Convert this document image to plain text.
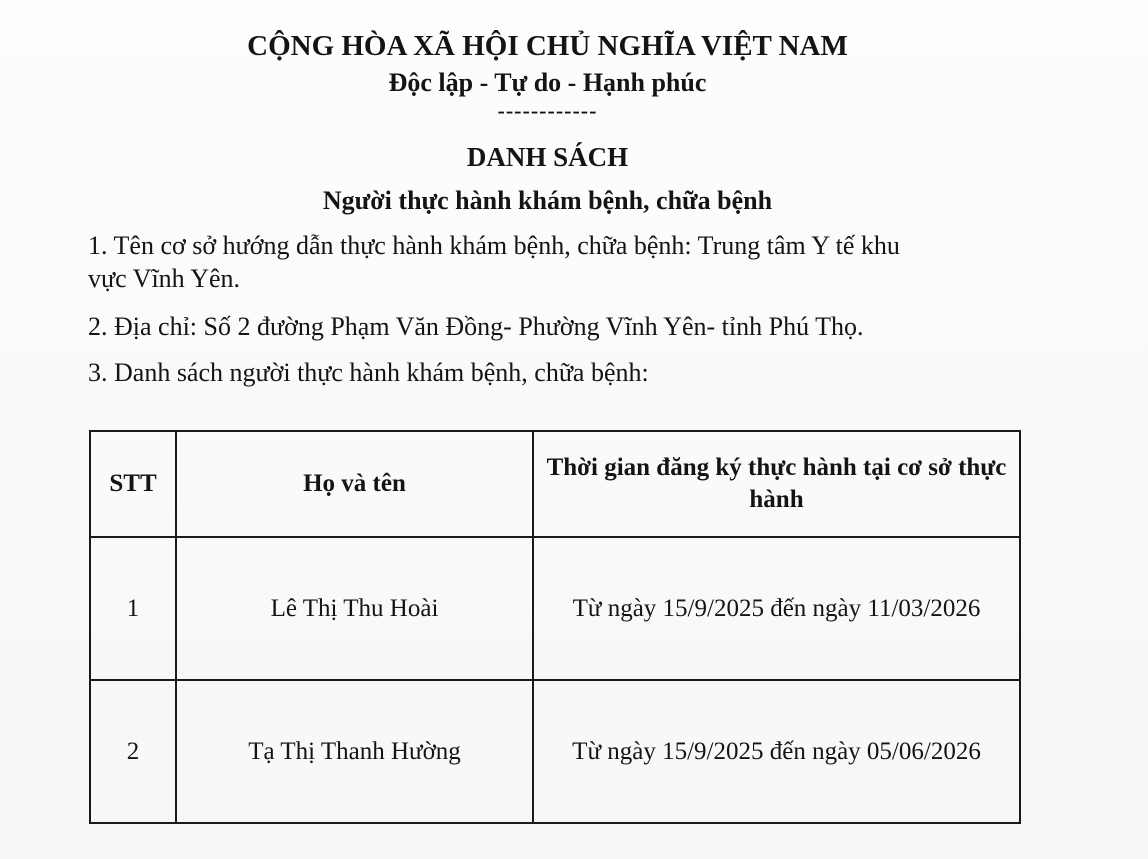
CỘNG HÒA XÃ HỘI CHỦ NGHĨA VIỆT NAM
Độc lập - Tự do - Hạnh phúc
------------
DANH SÁCH
Người thực hành khám bệnh, chữa bệnh
1. Tên cơ sở hướng dẫn thực hành khám bệnh, chữa bệnh: Trung tâm Y tế khu
vực Vĩnh Yên.
2. Địa chỉ: Số 2 đường Phạm Văn Đồng- Phường Vĩnh Yên- tỉnh Phú Thọ.
3. Danh sách người thực hành khám bệnh, chữa bệnh:
STT	Họ và tên	Thời gian đăng ký thực hành tại cơ sở thực hành
1	Lê Thị Thu Hoài	Từ ngày 15/9/2025 đến ngày 11/03/2026
2	Tạ Thị Thanh Hường	Từ ngày 15/9/2025 đến ngày 05/06/2026
